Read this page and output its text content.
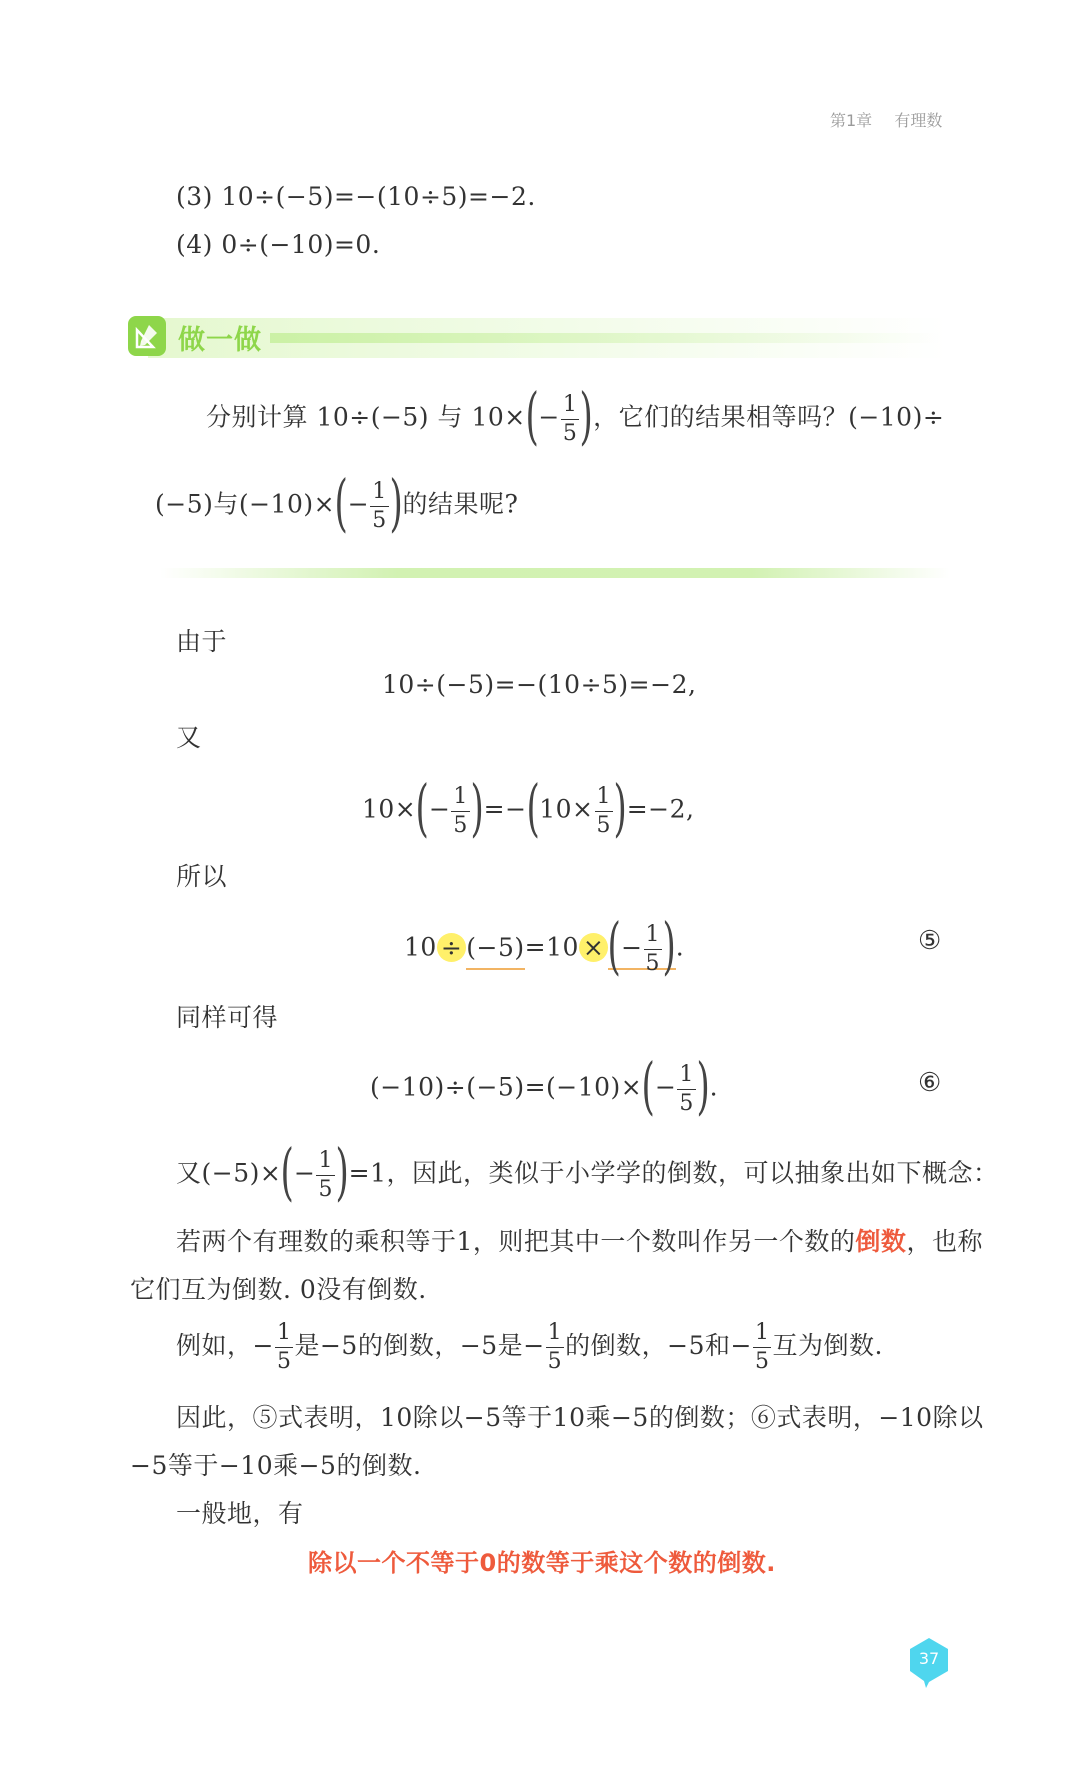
第1章 有理数
(3) 10÷(−5)=−(10÷5)=−2.
(4) 0÷(−10)=0.
做一做
分别计算 10÷(−5) 与 $10\times(- \frac{1}{5}$ )，它们的结果相等吗？(−10)÷
(−5)与$(-10)\times(- \frac{1}{5}$ )的结果呢?
由于
10÷(−5)=−(10÷5)=−2,
又
$10\times(- \frac{1}{5} )=-(10\times \frac{1}{5} )=-2$,
所以
10 ÷ (−5)=10 ×(− $\frac{1}{5}$ ).	⑤
同样可得
$(-10)\div(-5)=(-10)\times(- \frac{1}{5}$ ).	⑥
又$(-5)\times(- \frac{1}{5} )=1$，因此，类似于小学学的倒数，可以抽象出如下概念：
若两个有理数的乘积等于1，则把其中一个数叫作另一个数的倒数，也称
它们互为倒数. 0没有倒数.
例如，− $\frac{1}{5}$ 是−5的倒数，−5是− $\frac{1}{5}$ 的倒数，−5和− $\frac{1}{5}$ 互为倒数.
因此，⑤式表明，10除以−5等于10乘−5的倒数；⑥式表明，−10除以
−5等于−10乘−5的倒数.
一般地，有
除以一个不等于0的数等于乘这个数的倒数.
37
